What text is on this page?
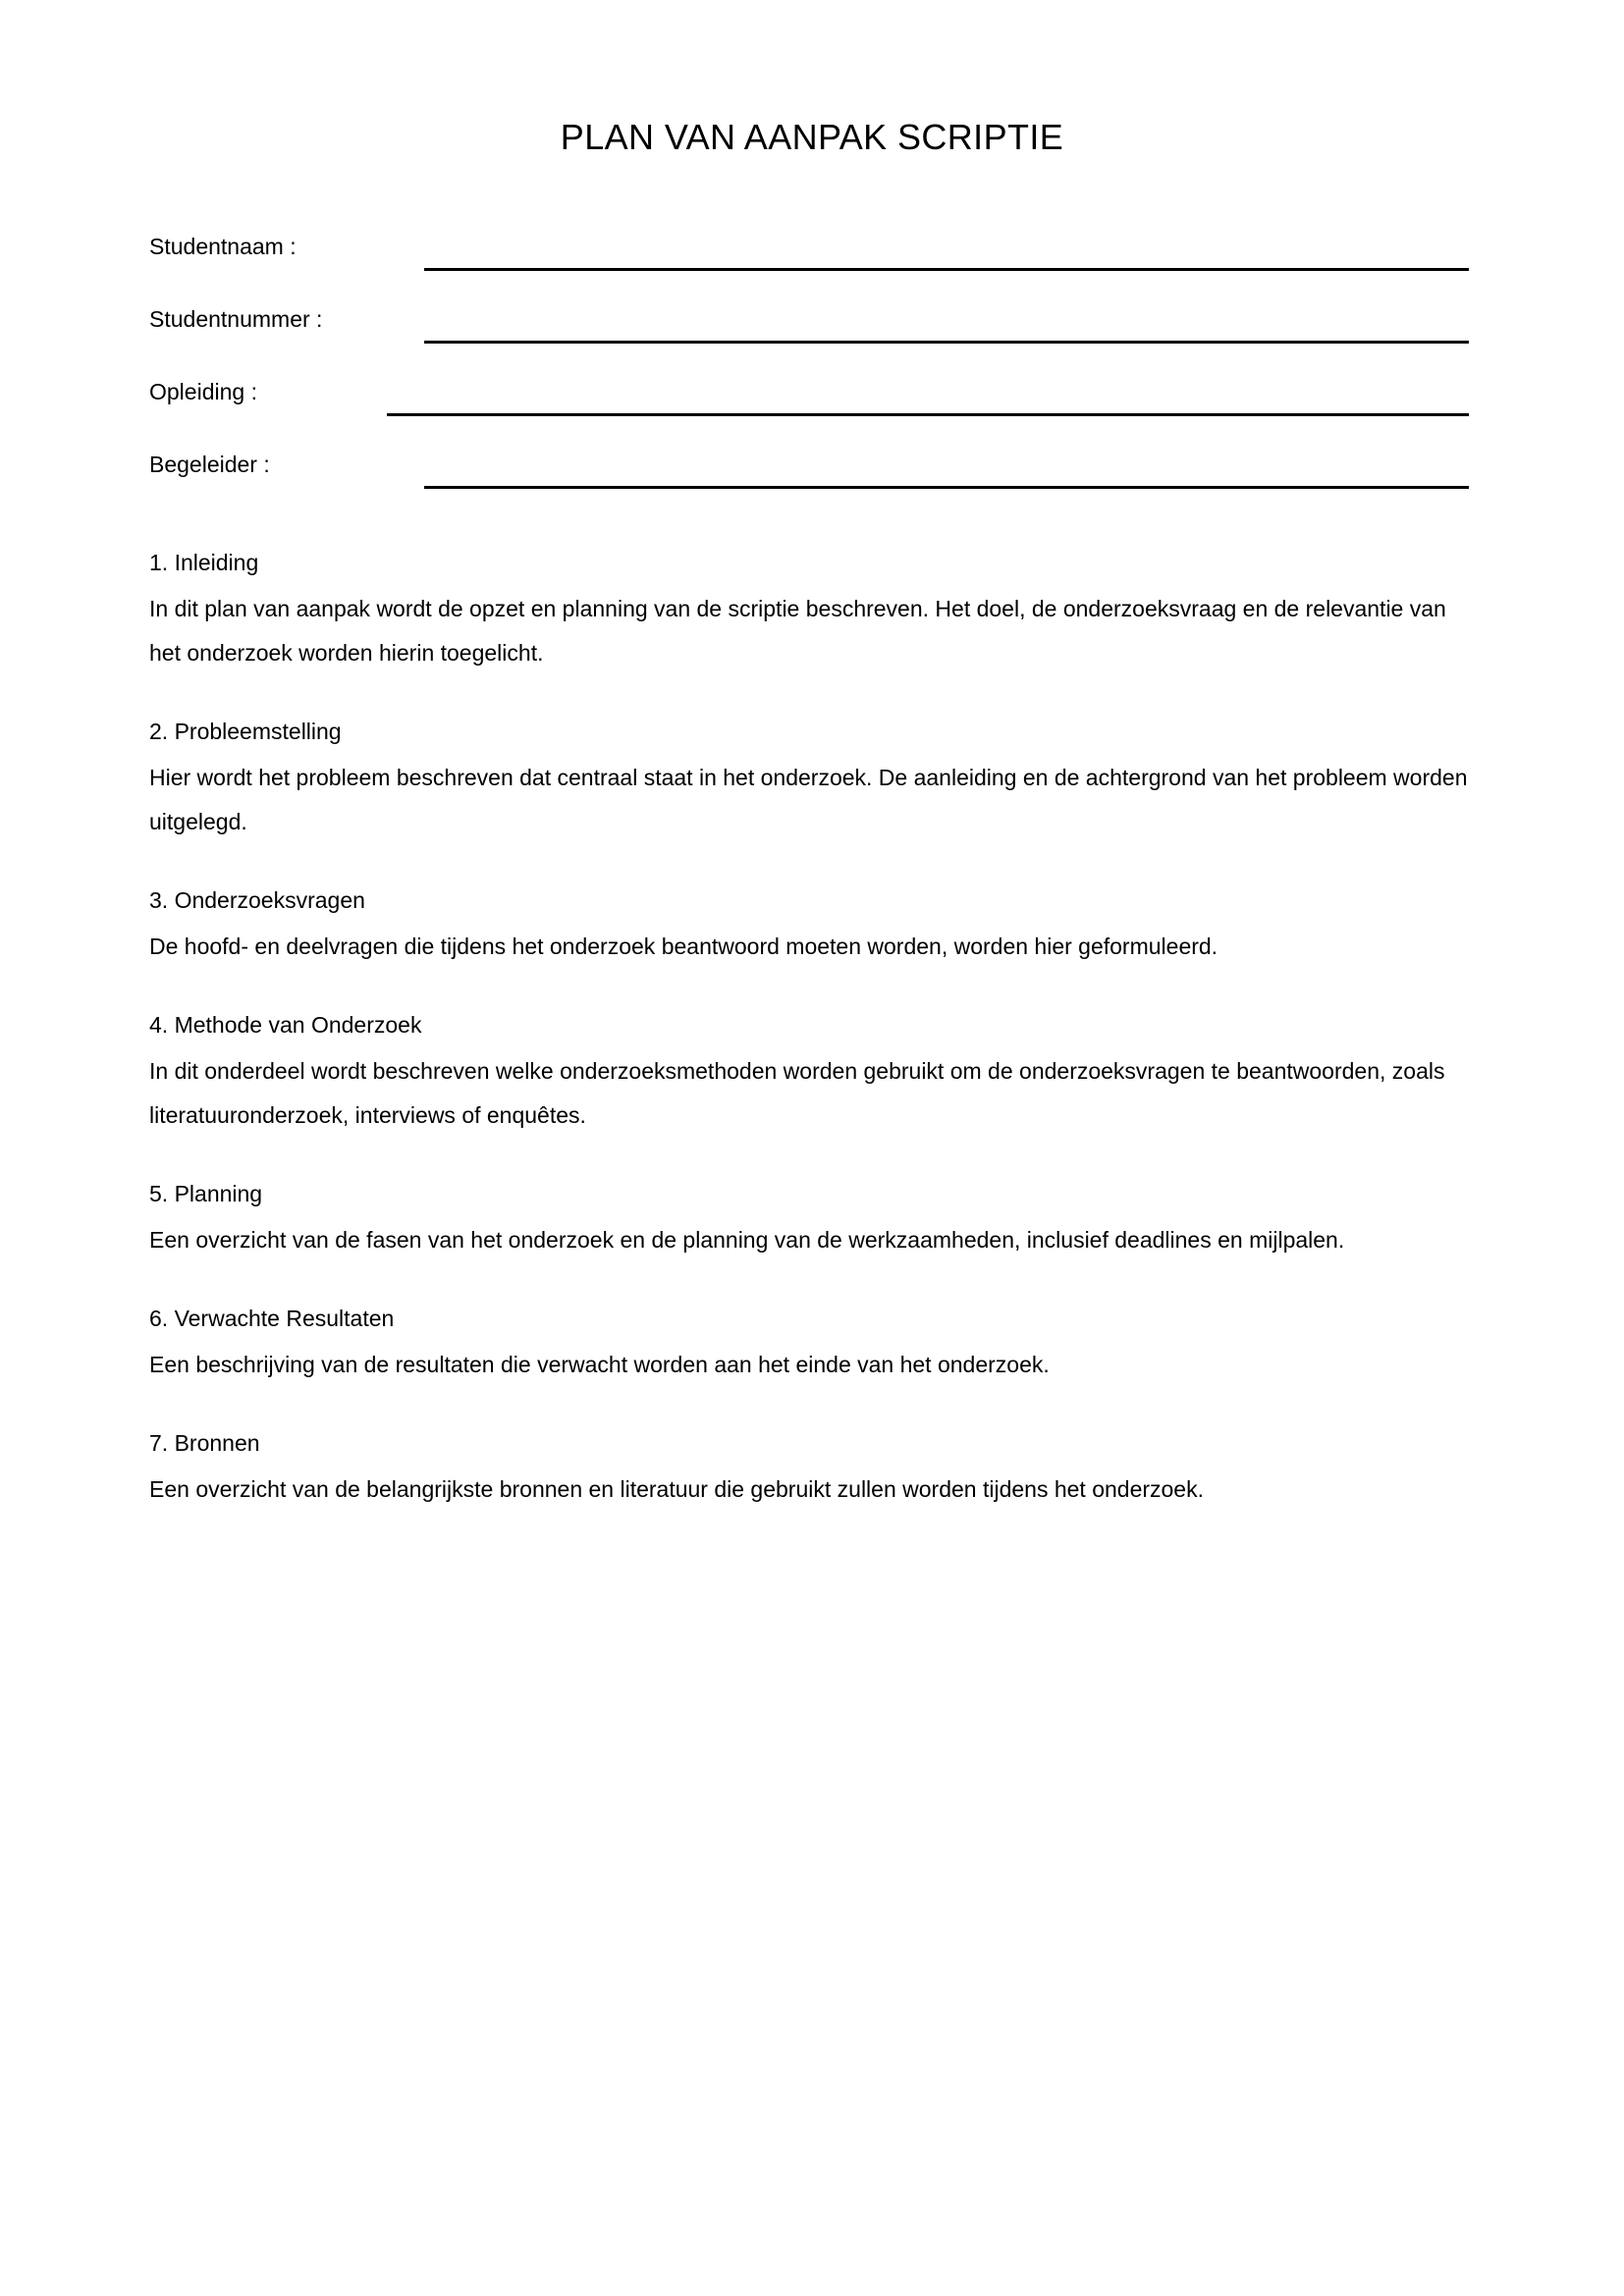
PLAN VAN AANPAK SCRIPTIE
Studentnaam :
Studentnummer :
Opleiding :
Begeleider :
1. Inleiding
In dit plan van aanpak wordt de opzet en planning van de scriptie beschreven. Het doel, de onderzoeksvraag en de relevantie van het onderzoek worden hierin toegelicht.
2. Probleemstelling
Hier wordt het probleem beschreven dat centraal staat in het onderzoek. De aanleiding en de achtergrond van het probleem worden uitgelegd.
3. Onderzoeksvragen
De hoofd- en deelvragen die tijdens het onderzoek beantwoord moeten worden, worden hier geformuleerd.
4. Methode van Onderzoek
In dit onderdeel wordt beschreven welke onderzoeksmethoden worden gebruikt om de onderzoeksvragen te beantwoorden, zoals literatuuronderzoek, interviews of enquêtes.
5. Planning
Een overzicht van de fasen van het onderzoek en de planning van de werkzaamheden, inclusief deadlines en mijlpalen.
6. Verwachte Resultaten
Een beschrijving van de resultaten die verwacht worden aan het einde van het onderzoek.
7. Bronnen
Een overzicht van de belangrijkste bronnen en literatuur die gebruikt zullen worden tijdens het onderzoek.
